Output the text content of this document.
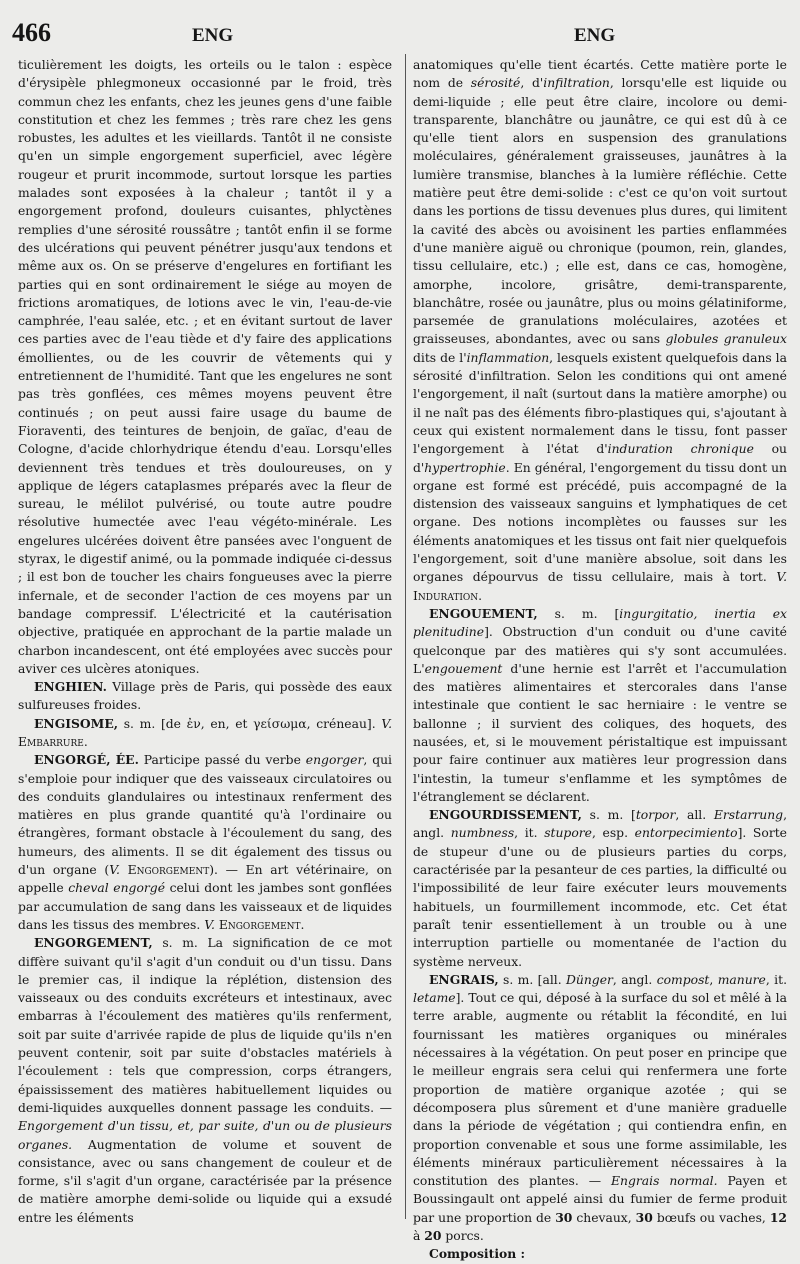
466	ENG	ENG

ticulièrement les doigts, les orteils ou le talon : espèce d'érysipèle phlegmoneux occasionné par le froid, très commun chez les enfants, chez les jeunes gens d'une faible constitution et chez les femmes ; très rare chez les gens robustes, les adultes et les vieillards. Tantôt il ne consiste qu'en un simple engorgement superficiel, avec légère rougeur et prurit incommode, surtout lorsque les parties malades sont exposées à la chaleur ; tantôt il y a engorgement profond, douleurs cuisantes, phlyctènes remplies d'une sérosité roussâtre ; tantôt enfin il se forme des ulcérations qui peuvent pénétrer jusqu'aux tendons et même aux os. On se préserve d'engelures en fortifiant les parties qui en sont ordinairement le siége au moyen de frictions aromatiques, de lotions avec le vin, l'eau-de-vie camphrée, l'eau salée, etc. ; et en évitant surtout de laver ces parties avec de l'eau tiède et d'y faire des applications émollientes, ou de les couvrir de vêtements qui y entretiennent de l'humidité. Tant que les engelures ne sont pas très gonflées, ces mêmes moyens peuvent être continués ; on peut aussi faire usage du baume de Fioraventi, des teintures de benjoin, de gaïac, d'eau de Cologne, d'acide chlorhydrique étendu d'eau. Lorsqu'elles deviennent très tendues et très douloureuses, on y applique de légers cataplasmes préparés avec la fleur de sureau, le mélilot pulvérisé, ou toute autre poudre résolutive humectée avec l'eau végéto-minérale. Les engelures ulcérées doivent être pansées avec l'onguent de styrax, le digestif animé, ou la pommade indiquée ci-dessus ; il est bon de toucher les chairs fongueuses avec la pierre infernale, et de seconder l'action de ces moyens par un bandage compressif. L'électricité et la cautérisation objective, pratiquée en approchant de la partie malade un charbon incandescent, ont été employées avec succès pour aviver ces ulcères atoniques.

ENGHIEN. Village près de Paris, qui possède des eaux sulfureuses froides.

ENGISOME, s. m. [de ἐν, en, et γείσωμα, créneau]. V. Embarrure.

ENGORGÉ, ÉE. Participe passé du verbe engorger, qui s'emploie pour indiquer que des vaisseaux circulatoires ou des conduits glandulaires ou intestinaux renferment des matières en plus grande quantité qu'à l'ordinaire ou étrangères, formant obstacle à l'écoulement du sang, des humeurs, des aliments. Il se dit également des tissus ou d'un organe (V. Engorgement). — En art vétérinaire, on appelle cheval engorgé celui dont les jambes sont gonflées par accumulation de sang dans les vaisseaux et de liquides dans les tissus des membres. V. Engorgement.

ENGORGEMENT, s. m. La signification de ce mot diffère suivant qu'il s'agit d'un conduit ou d'un tissu. Dans le premier cas, il indique la réplétion, distension des vaisseaux ou des conduits excréteurs et intestinaux, avec embarras à l'écoulement des matières qu'ils renferment, soit par suite d'arrivée rapide de plus de liquide qu'ils n'en peuvent contenir, soit par suite d'obstacles matériels à l'écoulement : tels que compression, corps étrangers, épaississement des matières habituellement liquides ou demi-liquides auxquelles donnent passage les conduits. — Engorgement d'un tissu, et, par suite, d'un ou de plusieurs organes. Augmentation de volume et souvent de consistance, avec ou sans changement de couleur et de forme, s'il s'agit d'un organe, caractérisée par la présence de matière amorphe demi-solide ou liquide qui a exsudé entre les éléments

anatomiques qu'elle tient écartés. Cette matière porte le nom de sérosité, d'infiltration, lorsqu'elle est liquide ou demi-liquide ; elle peut être claire, incolore ou demi-transparente, blanchâtre ou jaunâtre, ce qui est dû à ce qu'elle tient alors en suspension des granulations moléculaires, généralement graisseuses, jaunâtres à la lumière transmise, blanches à la lumière réfléchie. Cette matière peut être demi-solide : c'est ce qu'on voit surtout dans les portions de tissu devenues plus dures, qui limitent la cavité des abcès ou avoisinent les parties enflammées d'une manière aiguë ou chronique (poumon, rein, glandes, tissu cellulaire, etc.) ; elle est, dans ce cas, homogène, amorphe, incolore, grisâtre, demi-transparente, blanchâtre, rosée ou jaunâtre, plus ou moins gélatiniforme, parsemée de granulations moléculaires, azotées et graisseuses, abondantes, avec ou sans globules granuleux dits de l'inflammation, lesquels existent quelquefois dans la sérosité d'infiltration. Selon les conditions qui ont amené l'engorgement, il naît (surtout dans la matière amorphe) ou il ne naît pas des éléments fibro-plastiques qui, s'ajoutant à ceux qui existent normalement dans le tissu, font passer l'engorgement à l'état d'induration chronique ou d'hypertrophie. En général, l'engorgement du tissu dont un organe est formé est précédé, puis accompagné de la distension des vaisseaux sanguins et lymphatiques de cet organe. Des notions incomplètes ou fausses sur les éléments anatomiques et les tissus ont fait nier quelquefois l'engorgement, soit d'une manière absolue, soit dans les organes dépourvus de tissu cellulaire, mais à tort. V. Induration.

ENGOUEMENT, s. m. [ingurgitatio, inertia ex plenitudine]. Obstruction d'un conduit ou d'une cavité quelconque par des matières qui s'y sont accumulées. L'engouement d'une hernie est l'arrêt et l'accumulation des matières alimentaires et stercorales dans l'anse intestinale que contient le sac herniaire : le ventre se ballonne ; il survient des coliques, des hoquets, des nausées, et, si le mouvement péristaltique est impuissant pour faire continuer aux matières leur progression dans l'intestin, la tumeur s'enflamme et les symptômes de l'étranglement se déclarent.

ENGOURDISSEMENT, s. m. [torpor, all. Erstarrung, angl. numbness, it. stupore, esp. entorpecimiento]. Sorte de stupeur d'une ou de plusieurs parties du corps, caractérisée par la pesanteur de ces parties, la difficulté ou l'impossibilité de leur faire exécuter leurs mouvements habituels, un fourmillement incommode, etc. Cet état paraît tenir essentiellement à un trouble ou à une interruption partielle ou momentanée de l'action du système nerveux.

ENGRAIS, s. m. [all. Dünger, angl. compost, manure, it. letame]. Tout ce qui, déposé à la surface du sol et mêlé à la terre arable, augmente ou rétablit la fécondité, en lui fournissant les matières organiques ou minérales nécessaires à la végétation. On peut poser en principe que le meilleur engrais sera celui qui renfermera une forte proportion de matière organique azotée ; qui se décomposera plus sûrement et d'une manière graduelle dans la période de végétation ; qui contiendra enfin, en proportion convenable et sous une forme assimilable, les éléments minéraux particulièrement nécessaires à la constitution des plantes. — Engrais normal. Payen et Boussingault ont appelé ainsi du fumier de ferme produit par une proportion de 30 chevaux, 30 bœufs ou vaches, 12 à 20 porcs.

Composition :
